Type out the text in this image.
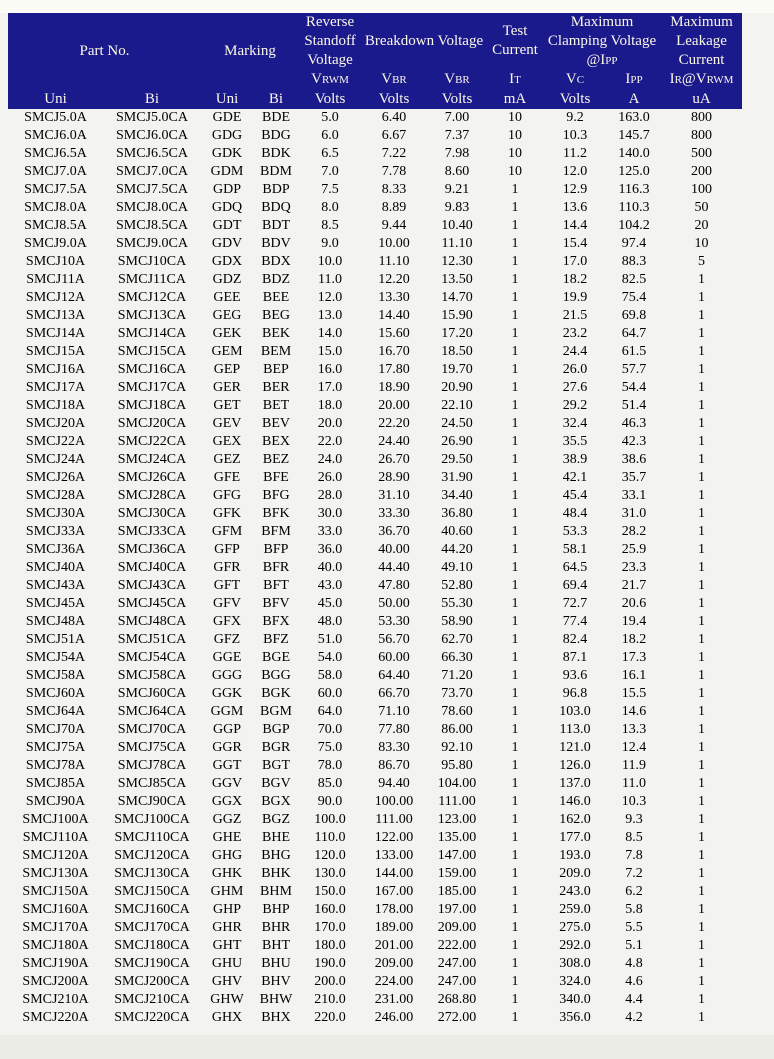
Part No.		Marking		Reverse Standoff Voltage	Breakdown Voltage		Test Current	Maximum Clamping Voltage @IPP		Maximum Leakage Current
				VRWM	VBR	VBR	IT	VC	IPP	IR@VRWM
Uni	Bi	Uni	Bi	Volts	Volts	Volts	mA	Volts	A	uA
SMCJ5.0A	SMCJ5.0CA	GDE	BDE	5.0	6.40	7.00	10	9.2	163.0	800
SMCJ6.0A	SMCJ6.0CA	GDG	BDG	6.0	6.67	7.37	10	10.3	145.7	800
SMCJ6.5A	SMCJ6.5CA	GDK	BDK	6.5	7.22	7.98	10	11.2	140.0	500
SMCJ7.0A	SMCJ7.0CA	GDM	BDM	7.0	7.78	8.60	10	12.0	125.0	200
SMCJ7.5A	SMCJ7.5CA	GDP	BDP	7.5	8.33	9.21	1	12.9	116.3	100
SMCJ8.0A	SMCJ8.0CA	GDQ	BDQ	8.0	8.89	9.83	1	13.6	110.3	50
SMCJ8.5A	SMCJ8.5CA	GDT	BDT	8.5	9.44	10.40	1	14.4	104.2	20
SMCJ9.0A	SMCJ9.0CA	GDV	BDV	9.0	10.00	11.10	1	15.4	97.4	10
SMCJ10A	SMCJ10CA	GDX	BDX	10.0	11.10	12.30	1	17.0	88.3	5
SMCJ11A	SMCJ11CA	GDZ	BDZ	11.0	12.20	13.50	1	18.2	82.5	1
SMCJ12A	SMCJ12CA	GEE	BEE	12.0	13.30	14.70	1	19.9	75.4	1
SMCJ13A	SMCJ13CA	GEG	BEG	13.0	14.40	15.90	1	21.5	69.8	1
SMCJ14A	SMCJ14CA	GEK	BEK	14.0	15.60	17.20	1	23.2	64.7	1
SMCJ15A	SMCJ15CA	GEM	BEM	15.0	16.70	18.50	1	24.4	61.5	1
SMCJ16A	SMCJ16CA	GEP	BEP	16.0	17.80	19.70	1	26.0	57.7	1
SMCJ17A	SMCJ17CA	GER	BER	17.0	18.90	20.90	1	27.6	54.4	1
SMCJ18A	SMCJ18CA	GET	BET	18.0	20.00	22.10	1	29.2	51.4	1
SMCJ20A	SMCJ20CA	GEV	BEV	20.0	22.20	24.50	1	32.4	46.3	1
SMCJ22A	SMCJ22CA	GEX	BEX	22.0	24.40	26.90	1	35.5	42.3	1
SMCJ24A	SMCJ24CA	GEZ	BEZ	24.0	26.70	29.50	1	38.9	38.6	1
SMCJ26A	SMCJ26CA	GFE	BFE	26.0	28.90	31.90	1	42.1	35.7	1
SMCJ28A	SMCJ28CA	GFG	BFG	28.0	31.10	34.40	1	45.4	33.1	1
SMCJ30A	SMCJ30CA	GFK	BFK	30.0	33.30	36.80	1	48.4	31.0	1
SMCJ33A	SMCJ33CA	GFM	BFM	33.0	36.70	40.60	1	53.3	28.2	1
SMCJ36A	SMCJ36CA	GFP	BFP	36.0	40.00	44.20	1	58.1	25.9	1
SMCJ40A	SMCJ40CA	GFR	BFR	40.0	44.40	49.10	1	64.5	23.3	1
SMCJ43A	SMCJ43CA	GFT	BFT	43.0	47.80	52.80	1	69.4	21.7	1
SMCJ45A	SMCJ45CA	GFV	BFV	45.0	50.00	55.30	1	72.7	20.6	1
SMCJ48A	SMCJ48CA	GFX	BFX	48.0	53.30	58.90	1	77.4	19.4	1
SMCJ51A	SMCJ51CA	GFZ	BFZ	51.0	56.70	62.70	1	82.4	18.2	1
SMCJ54A	SMCJ54CA	GGE	BGE	54.0	60.00	66.30	1	87.1	17.3	1
SMCJ58A	SMCJ58CA	GGG	BGG	58.0	64.40	71.20	1	93.6	16.1	1
SMCJ60A	SMCJ60CA	GGK	BGK	60.0	66.70	73.70	1	96.8	15.5	1
SMCJ64A	SMCJ64CA	GGM	BGM	64.0	71.10	78.60	1	103.0	14.6	1
SMCJ70A	SMCJ70CA	GGP	BGP	70.0	77.80	86.00	1	113.0	13.3	1
SMCJ75A	SMCJ75CA	GGR	BGR	75.0	83.30	92.10	1	121.0	12.4	1
SMCJ78A	SMCJ78CA	GGT	BGT	78.0	86.70	95.80	1	126.0	11.9	1
SMCJ85A	SMCJ85CA	GGV	BGV	85.0	94.40	104.00	1	137.0	11.0	1
SMCJ90A	SMCJ90CA	GGX	BGX	90.0	100.00	111.00	1	146.0	10.3	1
SMCJ100A	SMCJ100CA	GGZ	BGZ	100.0	111.00	123.00	1	162.0	9.3	1
SMCJ110A	SMCJ110CA	GHE	BHE	110.0	122.00	135.00	1	177.0	8.5	1
SMCJ120A	SMCJ120CA	GHG	BHG	120.0	133.00	147.00	1	193.0	7.8	1
SMCJ130A	SMCJ130CA	GHK	BHK	130.0	144.00	159.00	1	209.0	7.2	1
SMCJ150A	SMCJ150CA	GHM	BHM	150.0	167.00	185.00	1	243.0	6.2	1
SMCJ160A	SMCJ160CA	GHP	BHP	160.0	178.00	197.00	1	259.0	5.8	1
SMCJ170A	SMCJ170CA	GHR	BHR	170.0	189.00	209.00	1	275.0	5.5	1
SMCJ180A	SMCJ180CA	GHT	BHT	180.0	201.00	222.00	1	292.0	5.1	1
SMCJ190A	SMCJ190CA	GHU	BHU	190.0	209.00	247.00	1	308.0	4.8	1
SMCJ200A	SMCJ200CA	GHV	BHV	200.0	224.00	247.00	1	324.0	4.6	1
SMCJ210A	SMCJ210CA	GHW	BHW	210.0	231.00	268.80	1	340.0	4.4	1
SMCJ220A	SMCJ220CA	GHX	BHX	220.0	246.00	272.00	1	356.0	4.2	1
